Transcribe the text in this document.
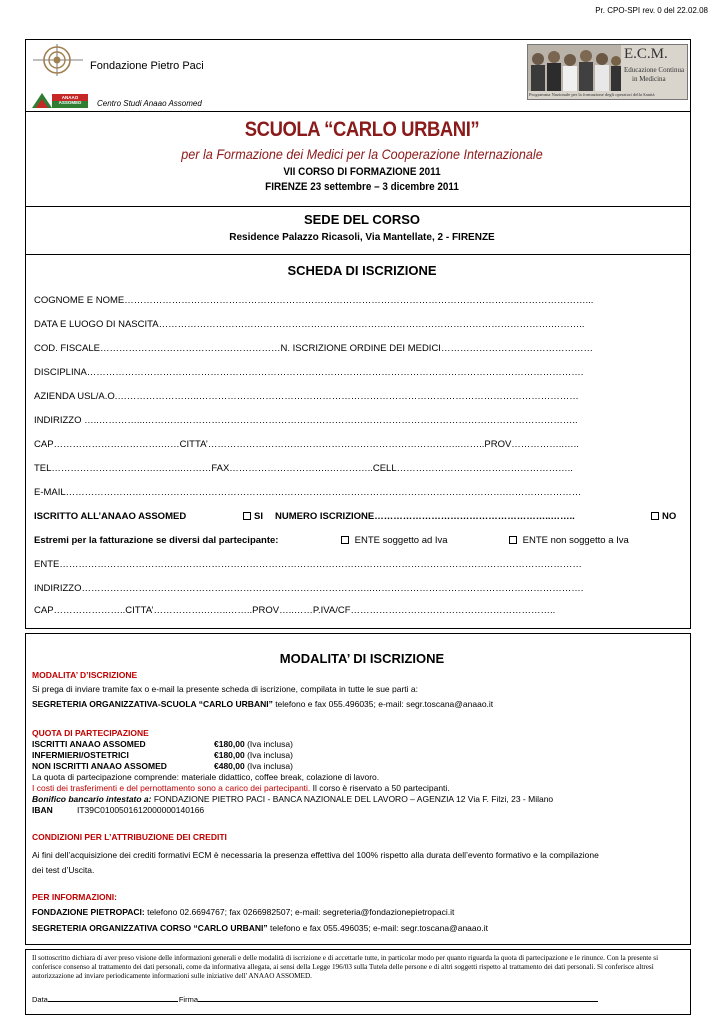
Pr. CPO-SPI rev. 0 del 22.02.08
Fondazione Pietro Paci
ANAAO ASSOMED	Centro Studi Anaao Assomed
E.C.M.
Educazione Continua
in Medicina
Programma Nazionale per la formazione degli operatori della Sanità
SCUOLA “CARLO URBANI”
per la Formazione dei Medici per la Cooperazione Internazionale
VII CORSO DI FORMAZIONE 2011
FIRENZE 23 settembre – 3 dicembre 2011
SEDE DEL CORSO
Residence Palazzo Ricasoli, Via Mantellate, 2 - FIRENZE
SCHEDA DI ISCRIZIONE
COGNOME E NOME……………………………………………………………………………………………………………..…………………...
DATA E LUOGO DI NASCITA…………………………………………………………………………………………………………….………..
COD. FISCALE…………………………………………………N. ISCRIZIONE ORDINE DEI MEDICI…………………………………………
DISCIPLINA………………………………………………………………………………………………………………………………………….
AZIENDA USL/A.O.……………………..…………………………………………………………………………………………………………
INDIRIZZO …..…………...………………………………………………………………………………………………………………………..
CAP…………………………….……CITTA’……………………………………………………………………..……..PROV……………..…..
TEL…………………………….……..………FAX…………………………..…………..CELL………………………………………………..
E-MAIL………………………………………………………………………………………………………………………….……………………
ISCRITTO ALL’ANAAO ASSOMED	SI NUMERO ISCRIZIONE………………………………………………..……..	NO
Estremi per la fatturazione se diversi dal partecipante:	ENTE soggetto ad Iva	ENTE non soggetto a Iva
ENTE…………………………………………………………………………………………………………………………………………………
INDIRIZZO………………………………………………………………………………..………………………………………………………….
CAP…………………..CITTA’…………….……..……..PROV…..……P.IVA/CF………………………………………………………..
MODALITA’ DI ISCRIZIONE
MODALITA’ D’ISCRIZIONE
Si prega di inviare tramite fax o e-mail la presente scheda di iscrizione, compilata in tutte le sue parti a:
SEGRETERIA ORGANIZZATIVA-SCUOLA “CARLO URBANI” telefono e fax 055.496035; e-mail: segr.toscana@anaao.it
QUOTA DI PARTECIPAZIONE
ISCRITTI ANAAO ASSOMED	€180,00 (Iva inclusa)
INFERMIERI/OSTETRICI	€180,00 (Iva inclusa)
NON ISCRITTI ANAAO ASSOMED	€480,00 (Iva inclusa)
La quota di partecipazione comprende: materiale didattico, coffee break, colazione di lavoro.
I costi dei trasferimenti e del pernottamento sono a carico dei partecipanti. Il corso è riservato a 50 partecipanti.
Bonifico bancario intestato a: FONDAZIONE PIETRO PACI - BANCA NAZIONALE DEL LAVORO – AGENZIA 12 Via F. Filzi, 23 - Milano
IBAN	IT39C0100501612000000140166
CONDIZIONI PER L’ATTRIBUZIONE DEI CREDITI
Ai fini dell’acquisizione dei crediti formativi ECM è necessaria la presenza effettiva del 100% rispetto alla durata dell’evento formativo e la compilazione
dei test d’Uscita.
PER INFORMAZIONI:
FONDAZIONE PIETROPACI: telefono 02.6694767; fax 0266982507; e-mail: segreteria@fondazionepietropaci.it
SEGRETERIA ORGANIZZATIVA CORSO “CARLO URBANI” telefono e fax 055.496035; e-mail: segr.toscana@anaao.it
Il sottoscritto dichiara di aver preso visione delle informazioni generali e delle modalità di iscrizione e di accettarle tutte, in particolar modo per quanto riguarda la quota di partecipazione e le rinunce. Con la presente si conferisce consenso al trattamento dei dati personali, come da informativa allegata, ai sensi della Legge 196/03 sulla Tutela delle persone e di altri soggetti rispetto al trattamento dei dati personali. Si conferisce altresì autorizzazione ad inviare periodicamente informazioni sulle iniziative dell' ANAAO ASSOMED.
Data	Firma
